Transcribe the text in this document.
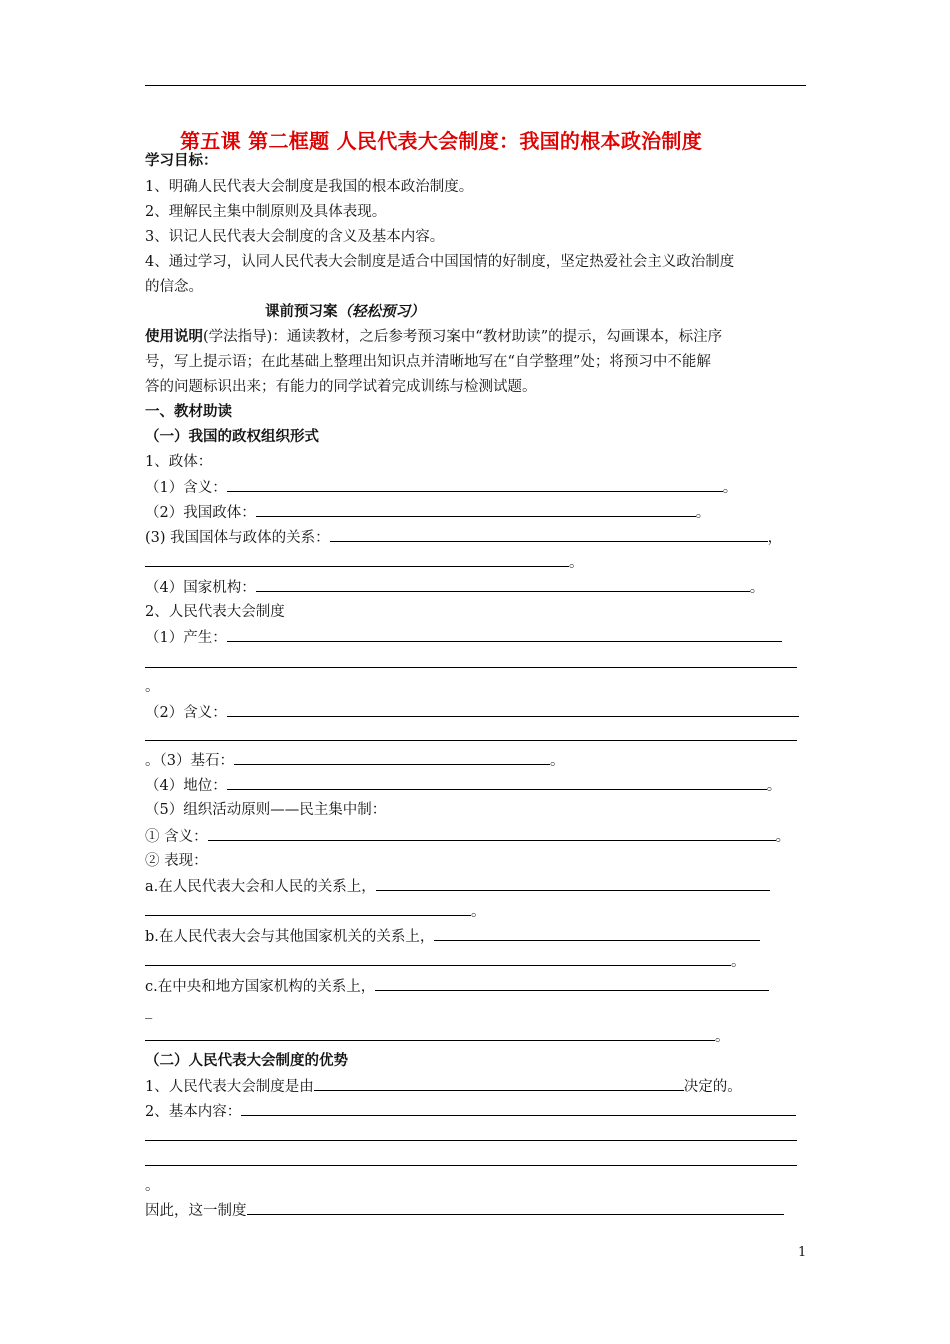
第五课 第二框题 人民代表大会制度：我国的根本政治制度
学习目标：
1、明确人民代表大会制度是我国的根本政治制度。
2、理解民主集中制原则及具体表现。
3、识记人民代表大会制度的含义及基本内容。
4、通过学习，认同人民代表大会制度是适合中国国情的好制度，坚定热爱社会主义政治制度
的信念。
课前预习案（轻松预习）
使用说明(学法指导)：通读教材，之后参考预习案中“教材助读”的提示，勾画课本，标注序
号，写上提示语；在此基础上整理出知识点并清晰地写在“自学整理”处；将预习中不能解
答的问题标识出来；有能力的同学试着完成训练与检测试题。
一、教材助读
（一）我国的政权组织形式
1、政体：
（1）含义：	。
（2）我国政体：	。
(3) 我国国体与政体的关系：	，
。
（4）国家机构：	。
2、人民代表大会制度
（1）产生：
。
（2）含义：
。（3）基石：	。
（4）地位：	。
（5）组织活动原则——民主集中制：
① 含义：	。
② 表现：
a.在人民代表大会和人民的关系上，
。
b.在人民代表大会与其他国家机关的关系上，
。
c.在中央和地方国家机构的关系上，
_
。
（二）人民代表大会制度的优势
1、人民代表大会制度是由	决定的。
2、基本内容：
。
因此，这一制度
1
